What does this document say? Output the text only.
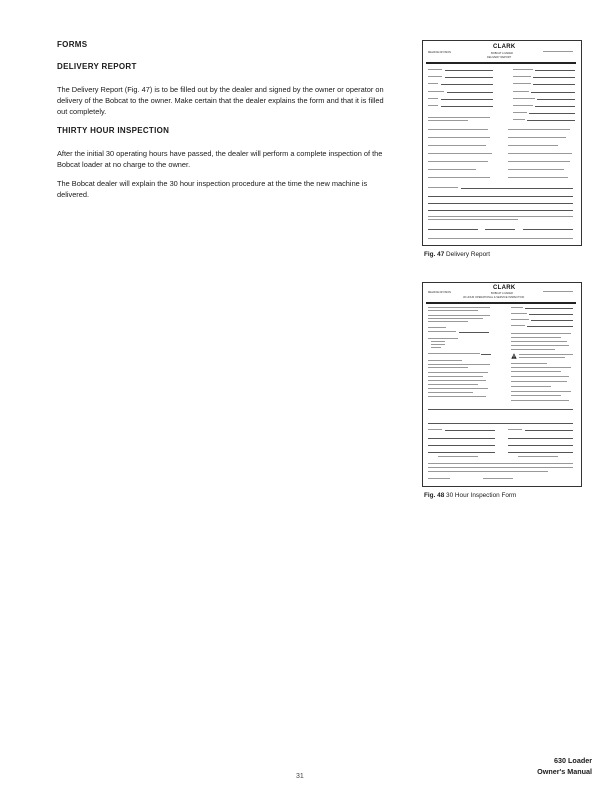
FORMS
DELIVERY REPORT
The Delivery Report (Fig. 47) is to be filled out by the dealer and signed by the owner or operator on delivery of the Bobcat to the owner. Make certain that the dealer explains the form and that it is filled out completely.
THIRTY HOUR INSPECTION
After the initial 30 operating hours have passed, the dealer will perform a complete inspection of the Bobcat loader at no charge to the owner.
The Bobcat dealer will explain the 30 hour inspection procedure at the time the new machine is delivered.
MELROE DIVISION
CLARK
BOBCAT LOADER
DELIVERY REPORT
Fig. 47 Delivery Report
MELROE DIVISION
CLARK
BOBCAT LOADER
30 HOUR OPERATIONAL & SERVICE INSPECTION
Fig. 48 30 Hour Inspection Form
31
630 Loader
Owner's Manual
